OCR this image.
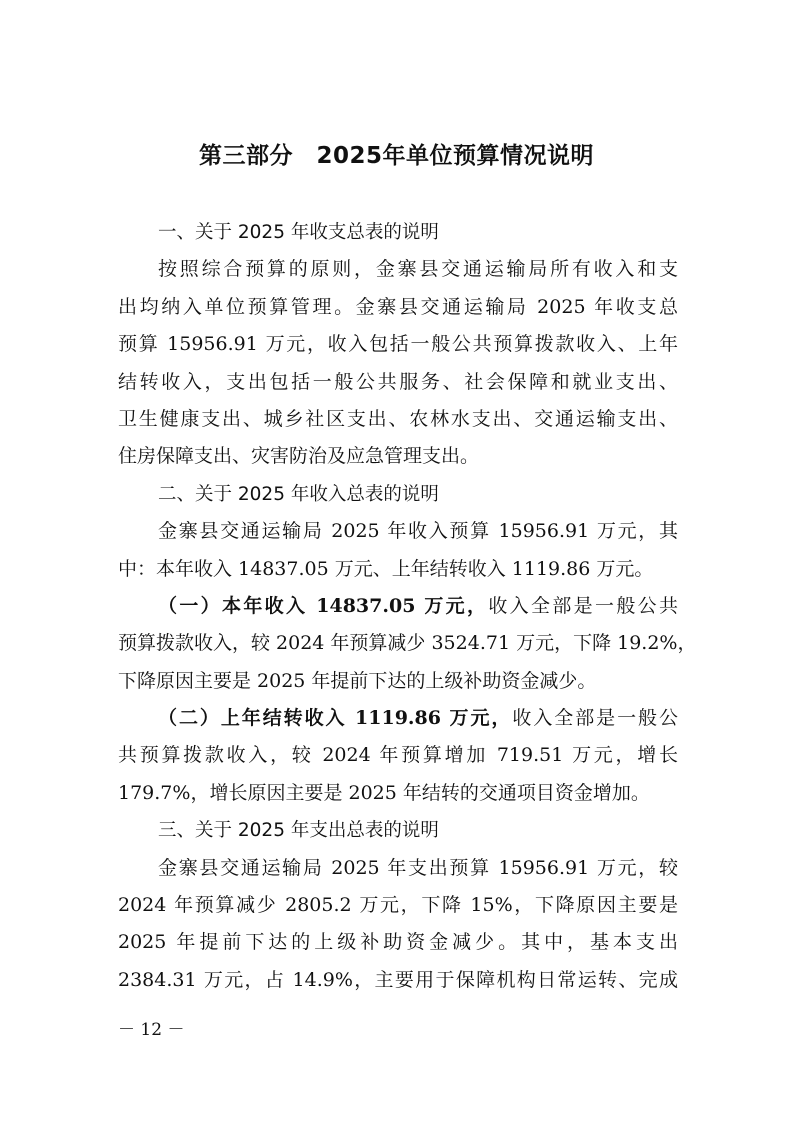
第三部分　2025年单位预算情况说明
一、关于 2025 年收支总表的说明
按照综合预算的原则，金寨县交通运输局所有收入和支
出均纳入单位预算管理。金寨县交通运输局 2025 年收支总
预算 15956.91 万元，收入包括一般公共预算拨款收入、上年
结转收入，支出包括一般公共服务、社会保障和就业支出、
卫生健康支出、城乡社区支出、农林水支出、交通运输支出、
住房保障支出、灾害防治及应急管理支出。
二、关于 2025 年收入总表的说明
金寨县交通运输局 2025 年收入预算 15956.91 万元，其
中：本年收入 14837.05 万元、上年结转收入 1119.86 万元。
（一）本年收入 14837.05 万元，收入全部是一般公共
预算拨款收入，较 2024 年预算减少 3524.71 万元，下降 19.2%，
下降原因主要是 2025 年提前下达的上级补助资金减少。
（二）上年结转收入 1119.86 万元，收入全部是一般公
共预算拨款收入，较 2024 年预算增加 719.51 万元，增长
179.7%，增长原因主要是 2025 年结转的交通项目资金增加。
三、关于 2025 年支出总表的说明
金寨县交通运输局 2025 年支出预算 15956.91 万元，较
2024 年预算减少 2805.2 万元，下降 15%，下降原因主要是
2025 年提前下达的上级补助资金减少。其中，基本支出
2384.31 万元，占 14.9%，主要用于保障机构日常运转、完成
－ 12 －
